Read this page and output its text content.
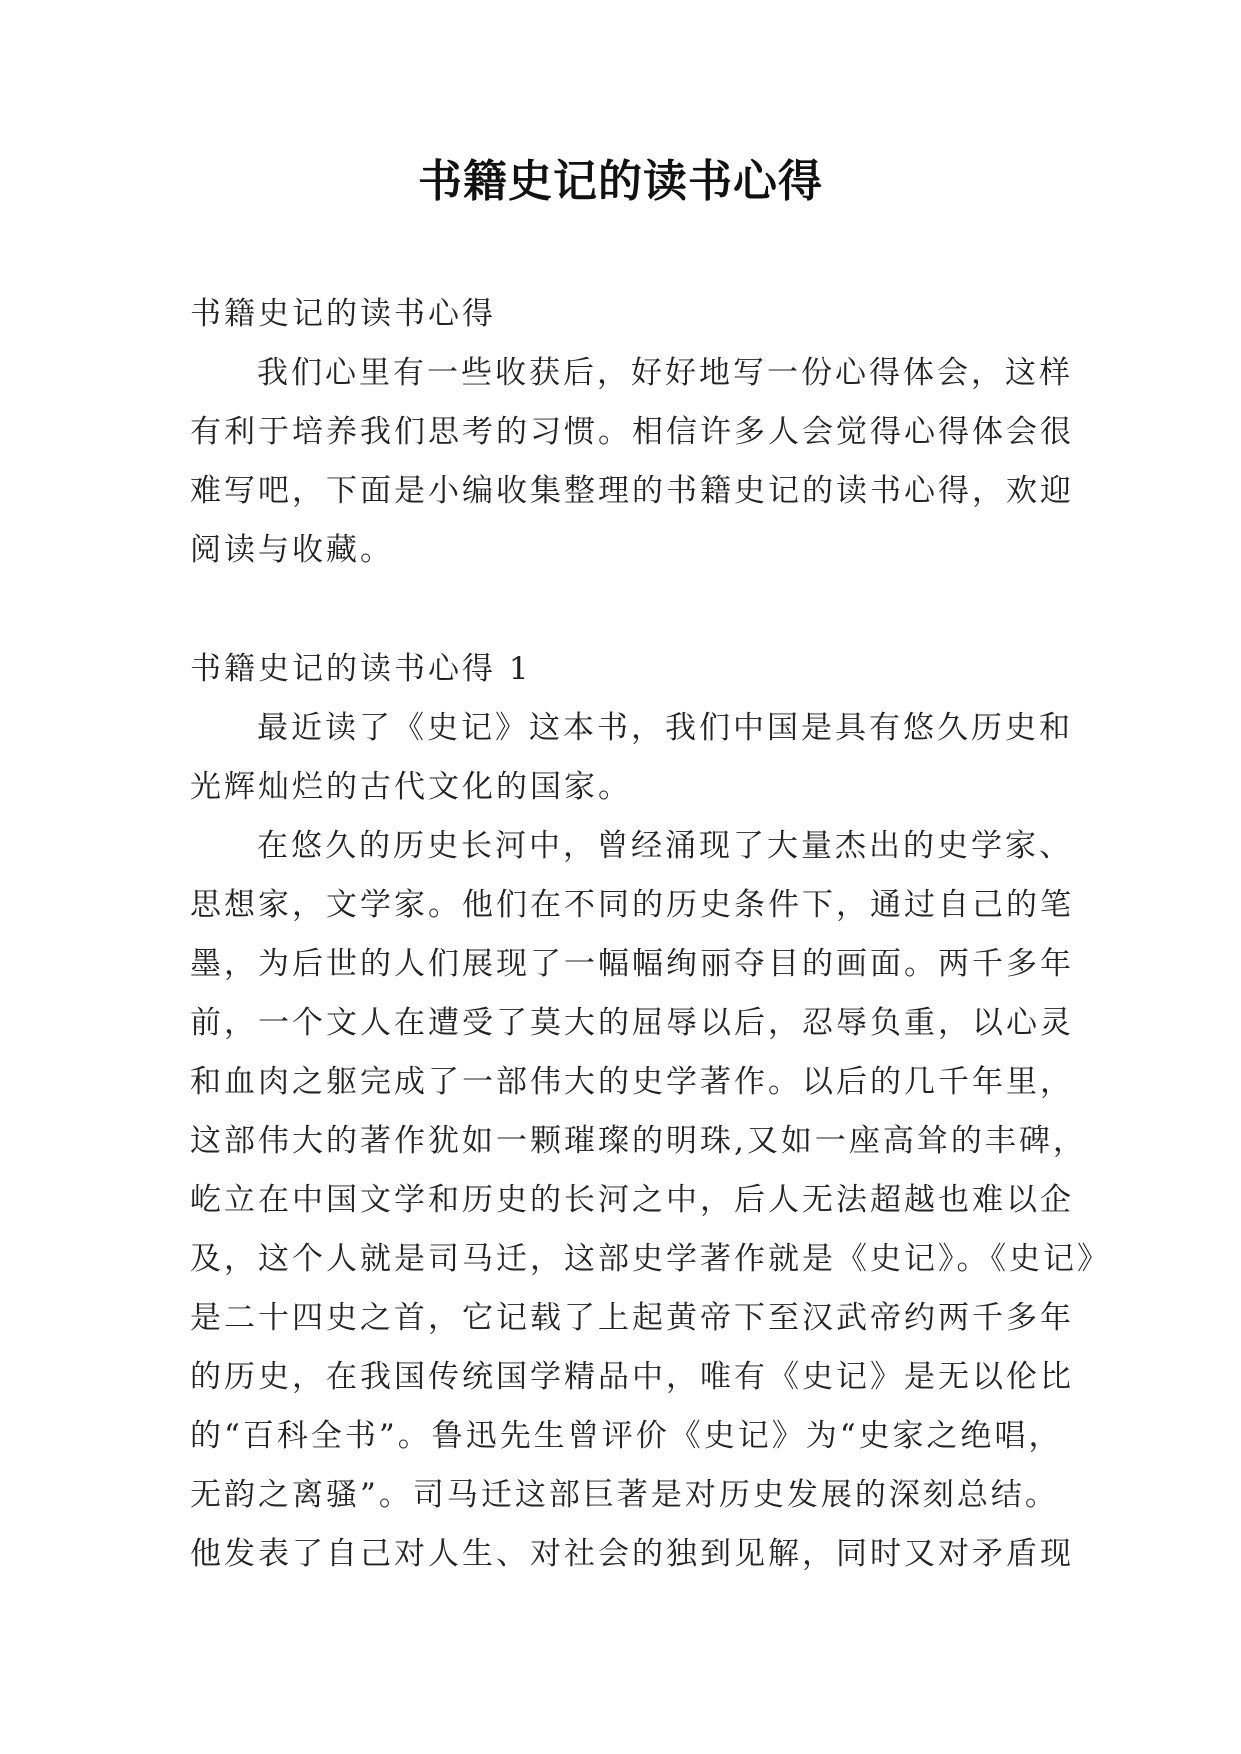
书籍史记的读书心得
书籍史记的读书心得
我们心里有一些收获后，好好地写一份心得体会，这样
有利于培养我们思考的习惯。相信许多人会觉得心得体会很
难写吧，下面是小编收集整理的书籍史记的读书心得，欢迎
阅读与收藏。
书籍史记的读书心得 1
最近读了《史记》这本书，我们中国是具有悠久历史和
光辉灿烂的古代文化的国家。
在悠久的历史长河中，曾经涌现了大量杰出的史学家、
思想家，文学家。他们在不同的历史条件下，通过自己的笔
墨，为后世的人们展现了一幅幅绚丽夺目的画面。两千多年
前，一个文人在遭受了莫大的屈辱以后，忍辱负重，以心灵
和血肉之躯完成了一部伟大的史学著作。以后的几千年里，
这部伟大的著作犹如一颗璀璨的明珠,又如一座高耸的丰碑，
屹立在中国文学和历史的长河之中，后人无法超越也难以企
及，这个人就是司马迁，这部史学著作就是《史记》。《史记》
是二十四史之首，它记载了上起黄帝下至汉武帝约两千多年
的历史，在我国传统国学精品中，唯有《史记》是无以伦比
的“百科全书”。鲁迅先生曾评价《史记》为“史家之绝唱，
无韵之离骚”。司马迁这部巨著是对历史发展的深刻总结。
他发表了自己对人生、对社会的独到见解，同时又对矛盾现
